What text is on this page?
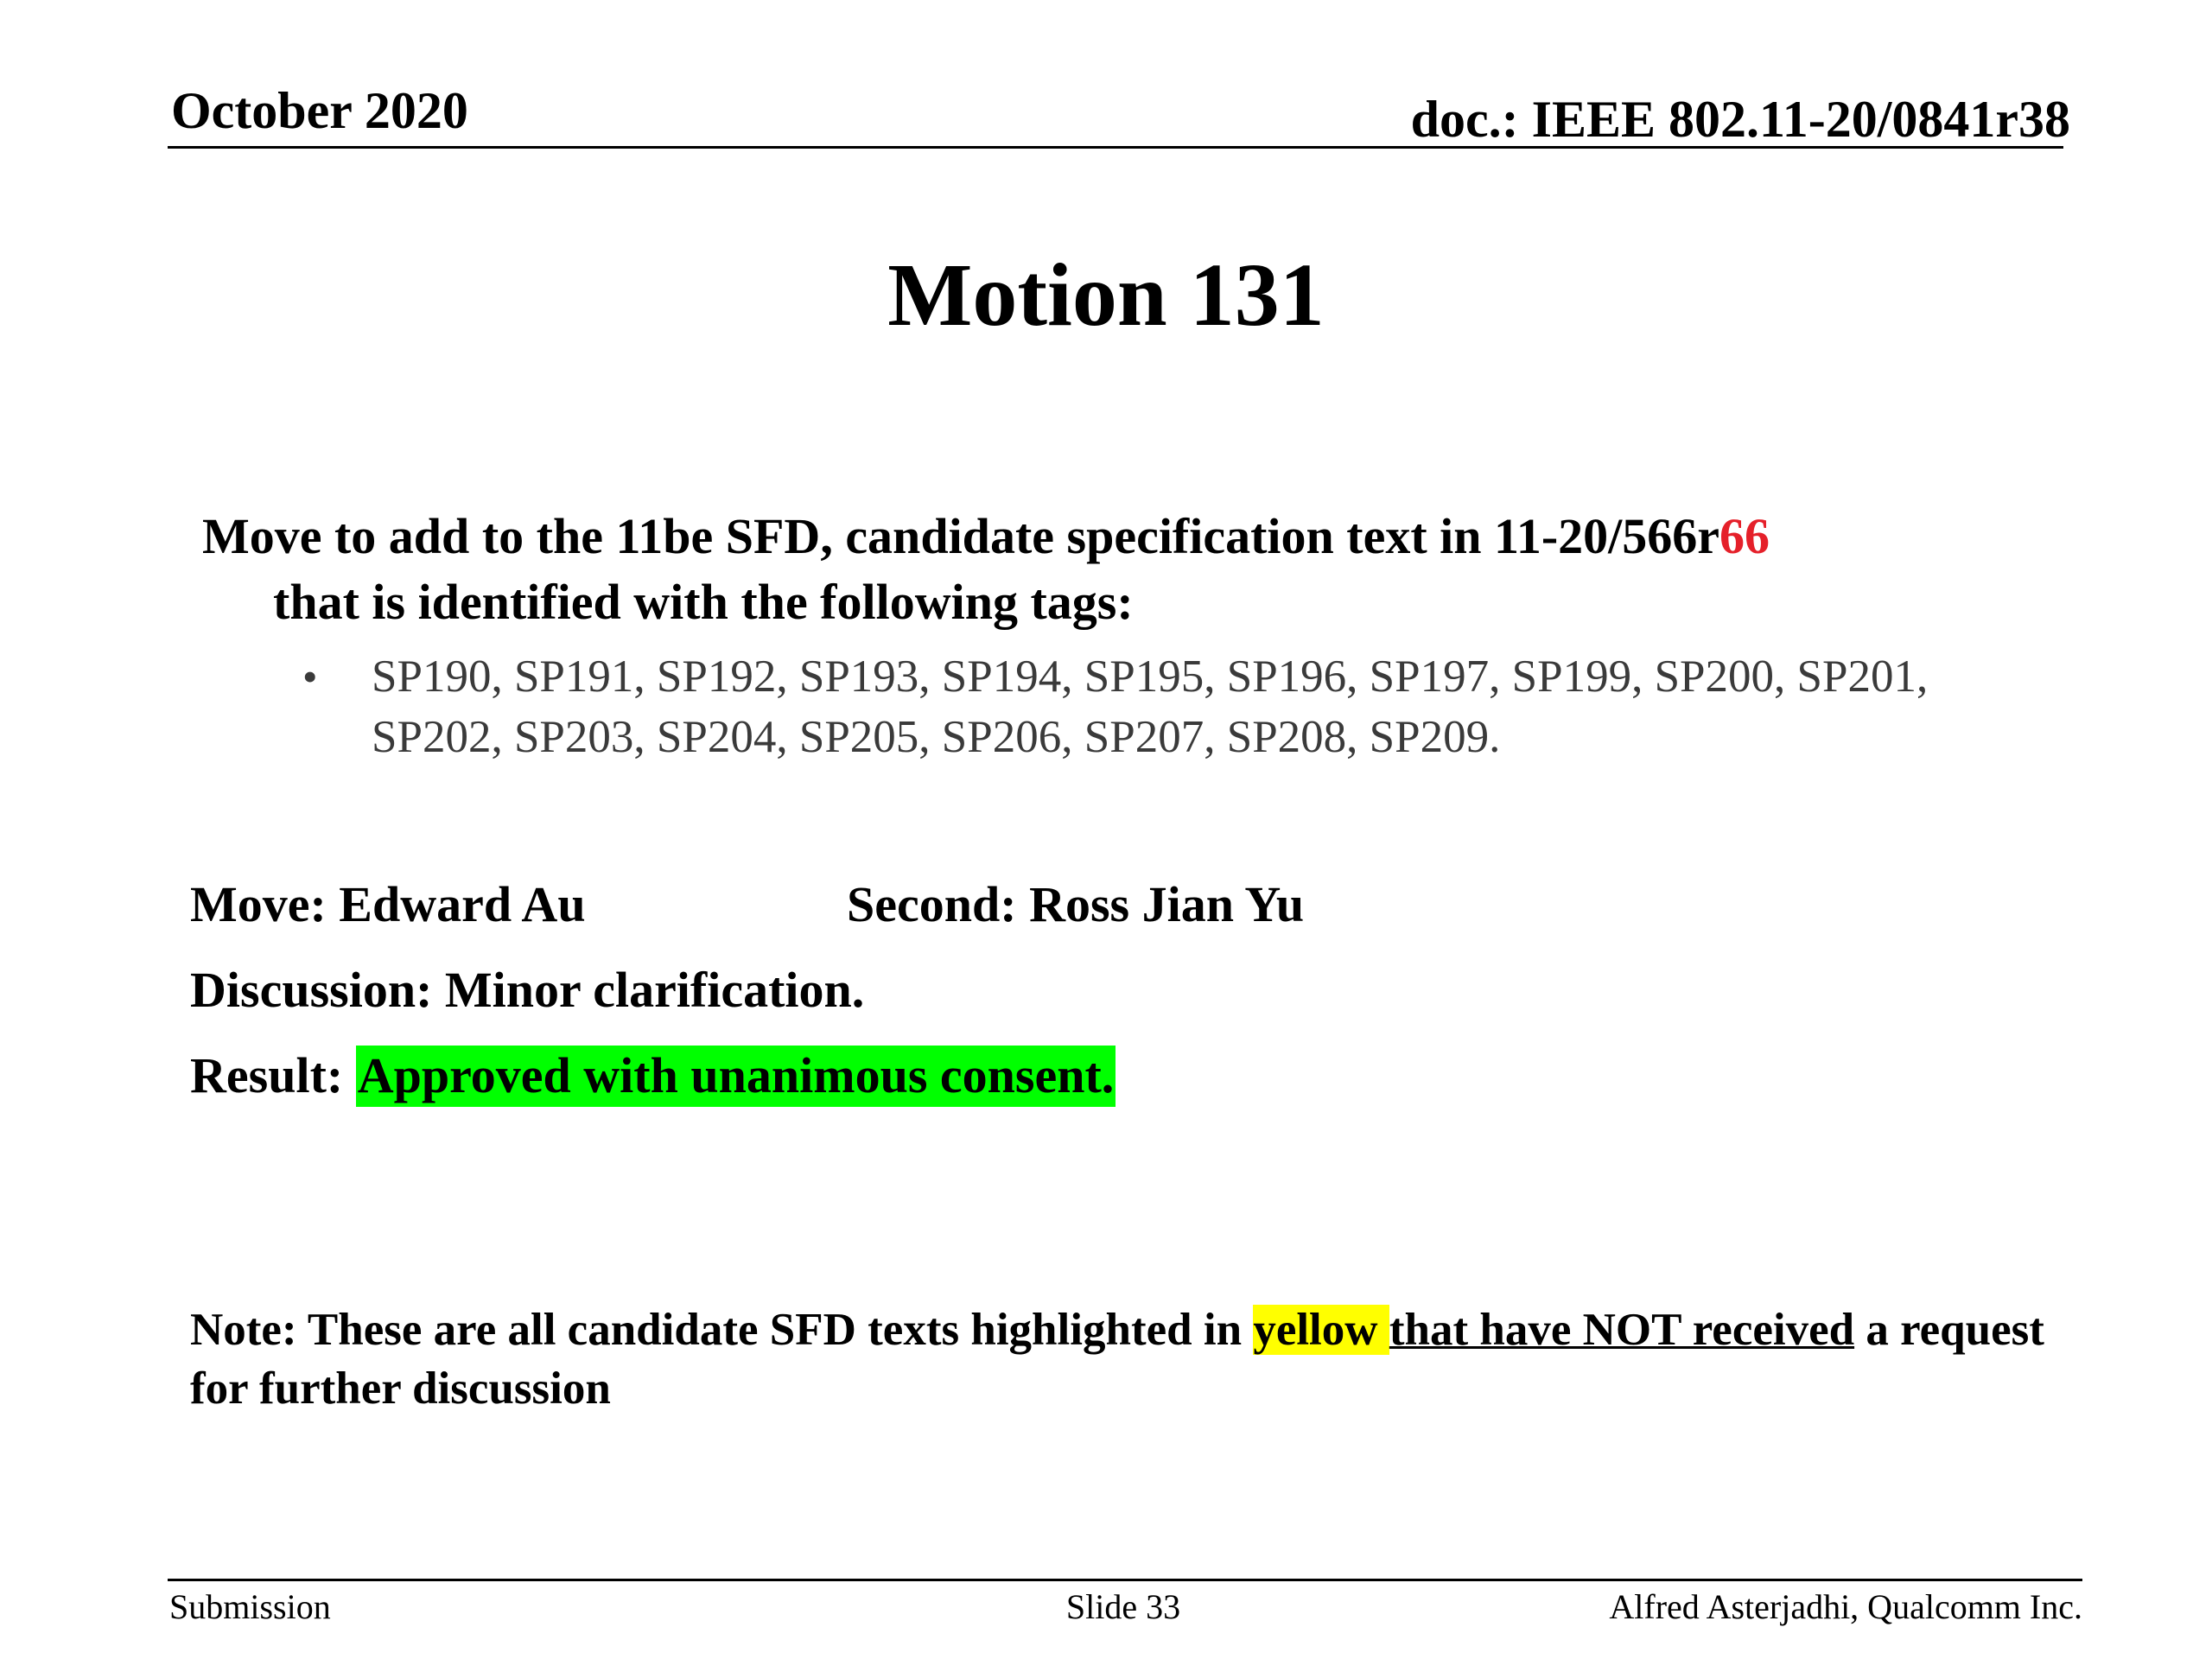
October 2020	doc.: IEEE 802.11-20/0841r38
Motion 131
Move to add to the 11be SFD, candidate specification text in 11-20/566r66
that is identified with the following tags:
• SP190, SP191, SP192, SP193, SP194, SP195, SP196, SP197, SP199, SP200, SP201, SP202, SP203, SP204, SP205, SP206, SP207, SP208, SP209.
Move: Edward Au	Second: Ross Jian Yu
Discussion: Minor clarification.
Result: Approved with unanimous consent.
Note: These are all candidate SFD texts highlighted in yellow that have NOT received a request for further discussion
Submission	Slide 33	Alfred Asterjadhi, Qualcomm Inc.
